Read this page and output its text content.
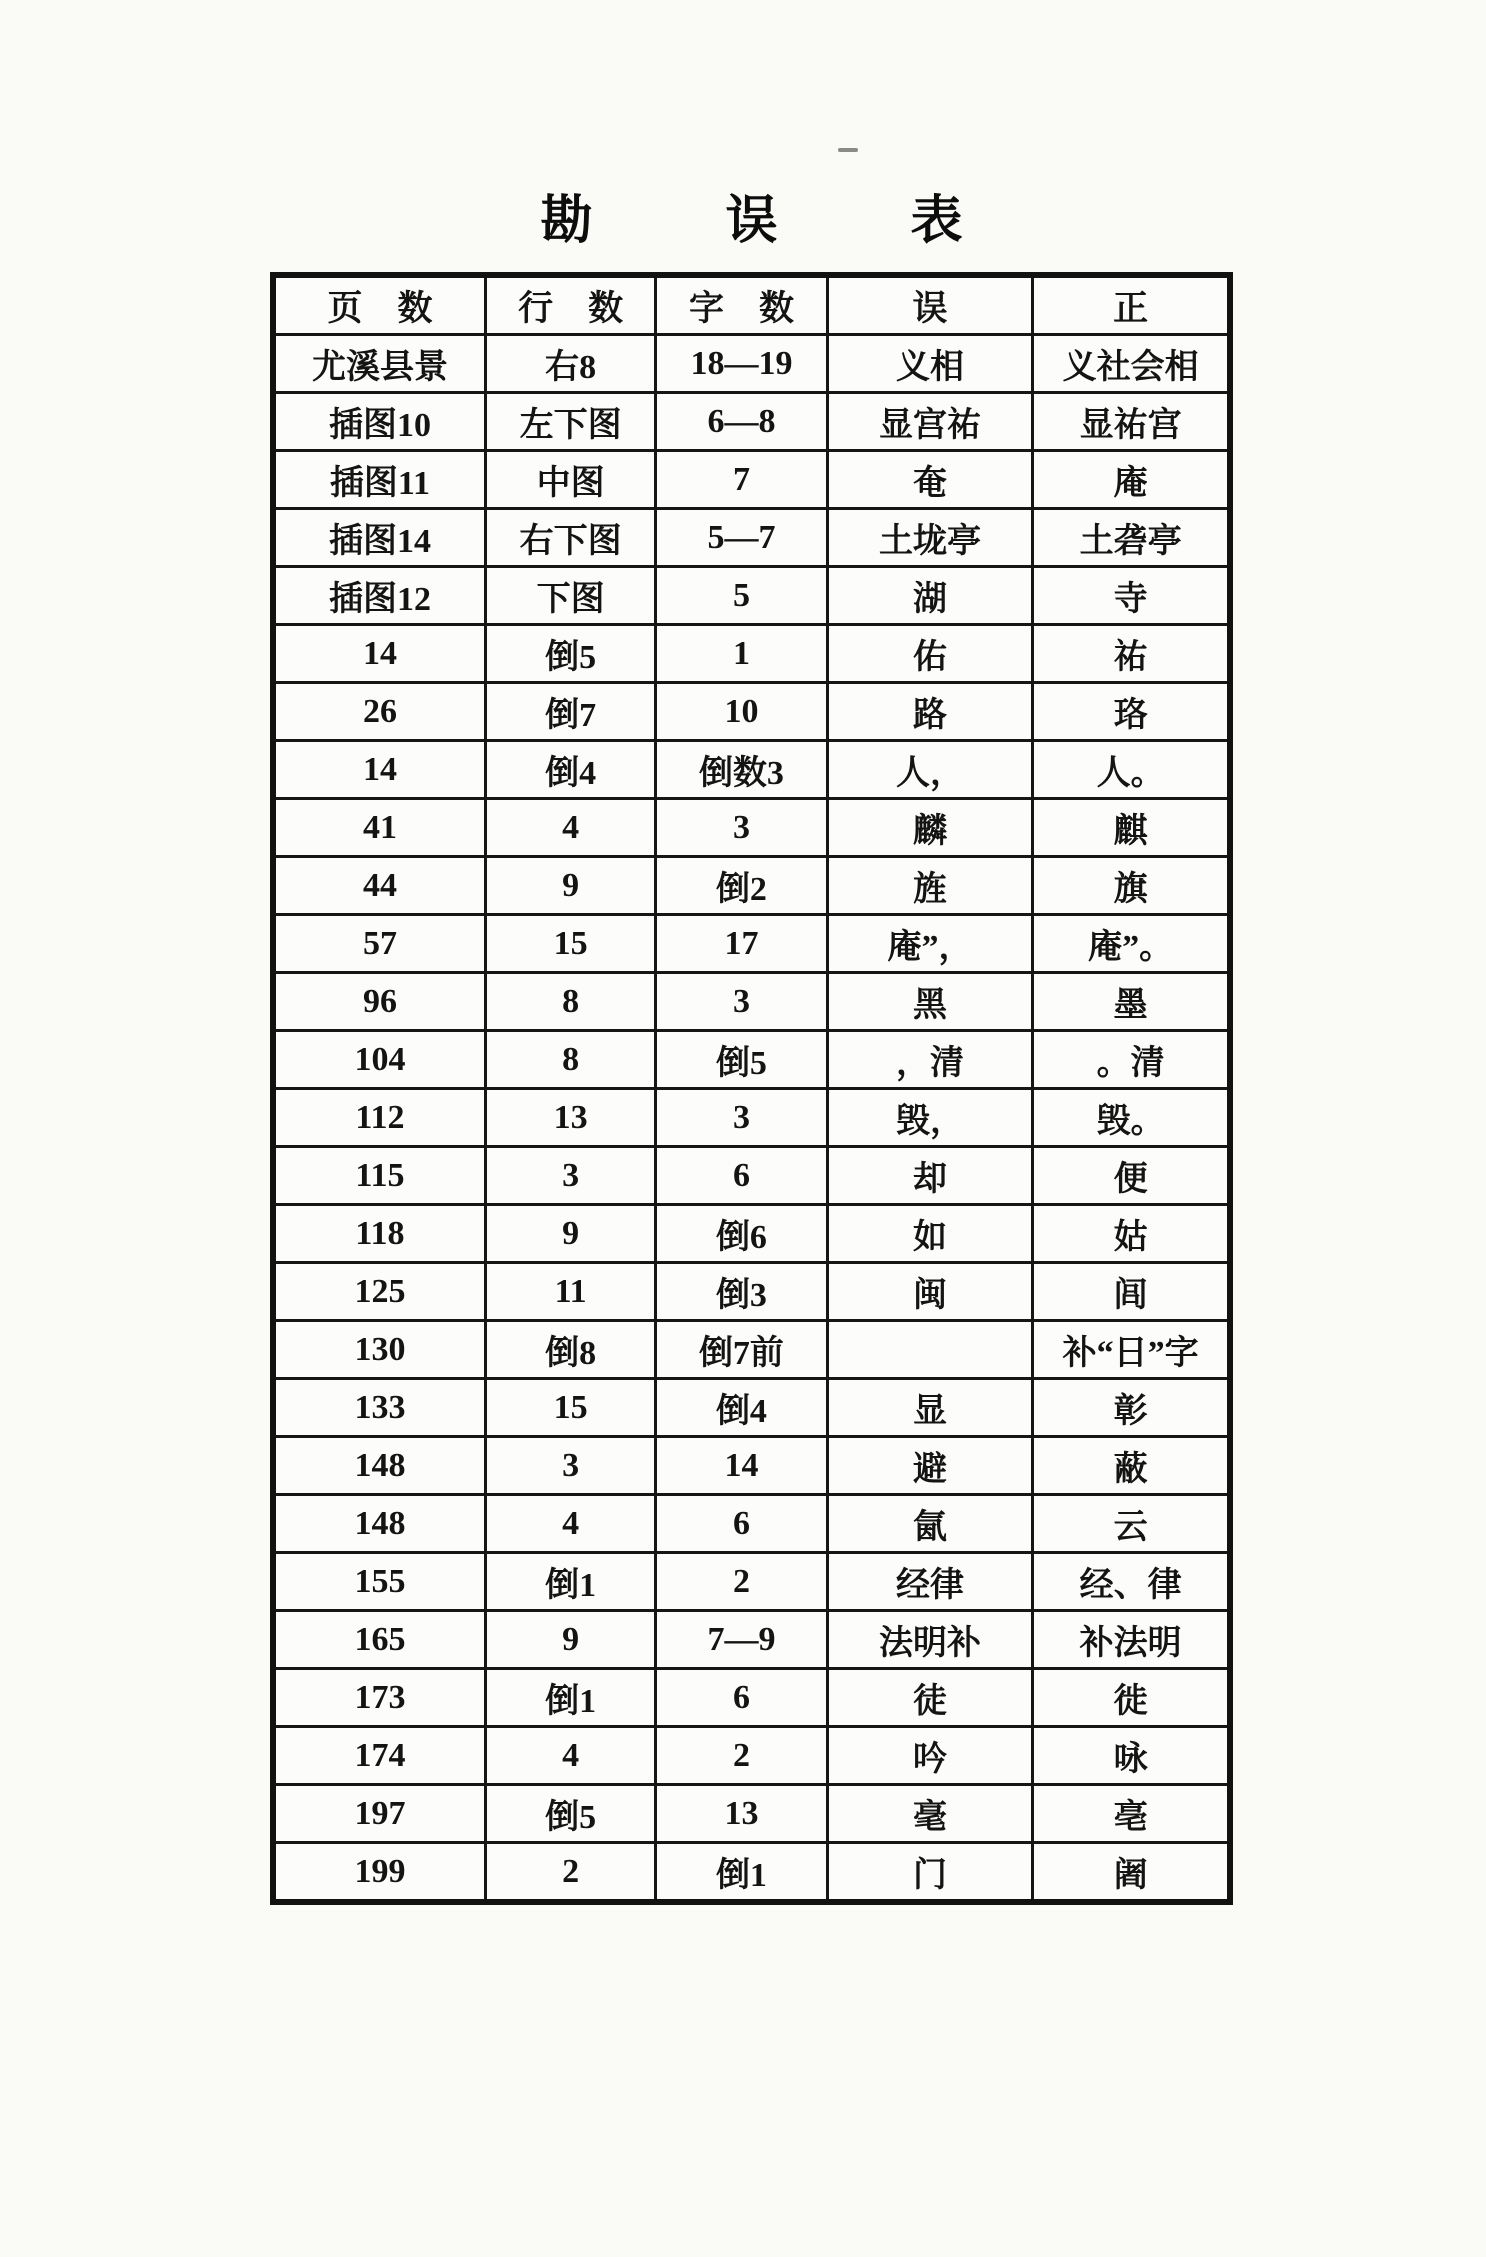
勘 误 表
页　数	行　数	字　数	误	正
尤溪县景	右8	18—19	义相	义社会相
插图10	左下图	6—8	显宫祐	显祐宫
插图11	中图	7	奄	庵
插图14	右下图	5—7	土垅亭	土砻亭
插图12	下图	5	湖	寺
14	倒5	1	佑	祐
26	倒7	10	路	珞
14	倒4	倒数3	人，	人。
41	4	3	麟	麒
44	9	倒2	旌	旗
57	15	17	庵”，	庵”。
96	8	3	黑	墨
104	8	倒5	，清	。清
112	13	3	毁，	毁。
115	3	6	却	便
118	9	倒6	如	姑
125	11	倒3	闽	闾
130	倒8	倒7前		补“日”字
133	15	倒4	显	彰
148	3	14	避	蔽
148	4	6	氤	云
155	倒1	2	经律	经、律
165	9	7—9	法明补	补法明
173	倒1	6	徒	徙
174	4	2	吟	咏
197	倒5	13	毫	亳
199	2	倒1	门	阇
